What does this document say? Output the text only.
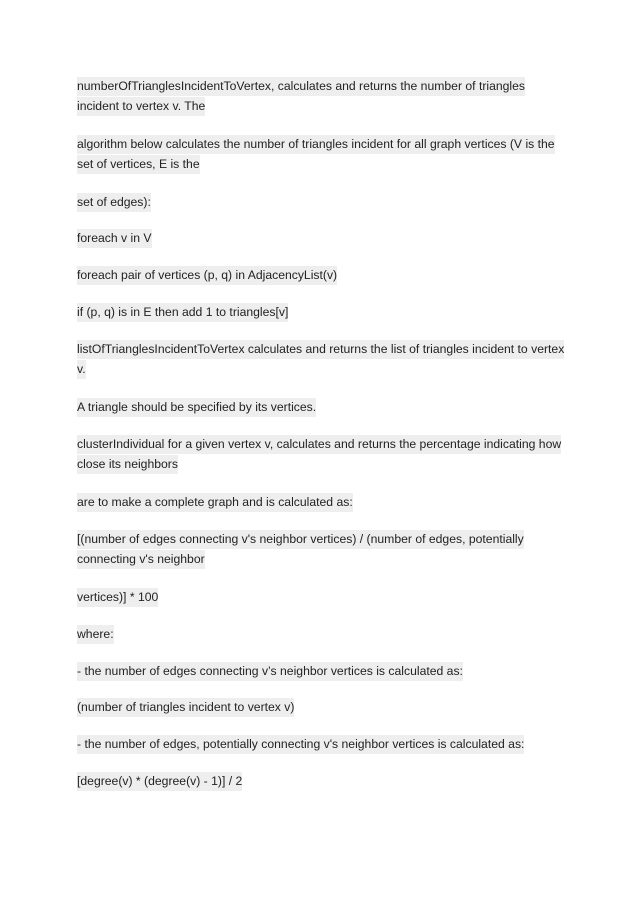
numberOfTrianglesIncidentToVertex, calculates and returns the number of triangles incident to vertex v. The

algorithm below calculates the number of triangles incident for all graph vertices (V is the set of vertices, E is the

set of edges):

foreach v in V

foreach pair of vertices (p, q) in AdjacencyList(v)

if (p, q) is in E then add 1 to triangles[v]

listOfTrianglesIncidentToVertex calculates and returns the list of triangles incident to vertex v.

A triangle should be specified by its vertices.

clusterIndividual for a given vertex v, calculates and returns the percentage indicating how close its neighbors

are to make a complete graph and is calculated as:

[(number of edges connecting v's neighbor vertices) / (number of edges, potentially connecting v's neighbor

vertices)] * 100

where:

- the number of edges connecting v’s neighbor vertices is calculated as:

(number of triangles incident to vertex v)

- the number of edges, potentially connecting v's neighbor vertices is calculated as:

[degree(v) * (degree(v) - 1)] / 2
